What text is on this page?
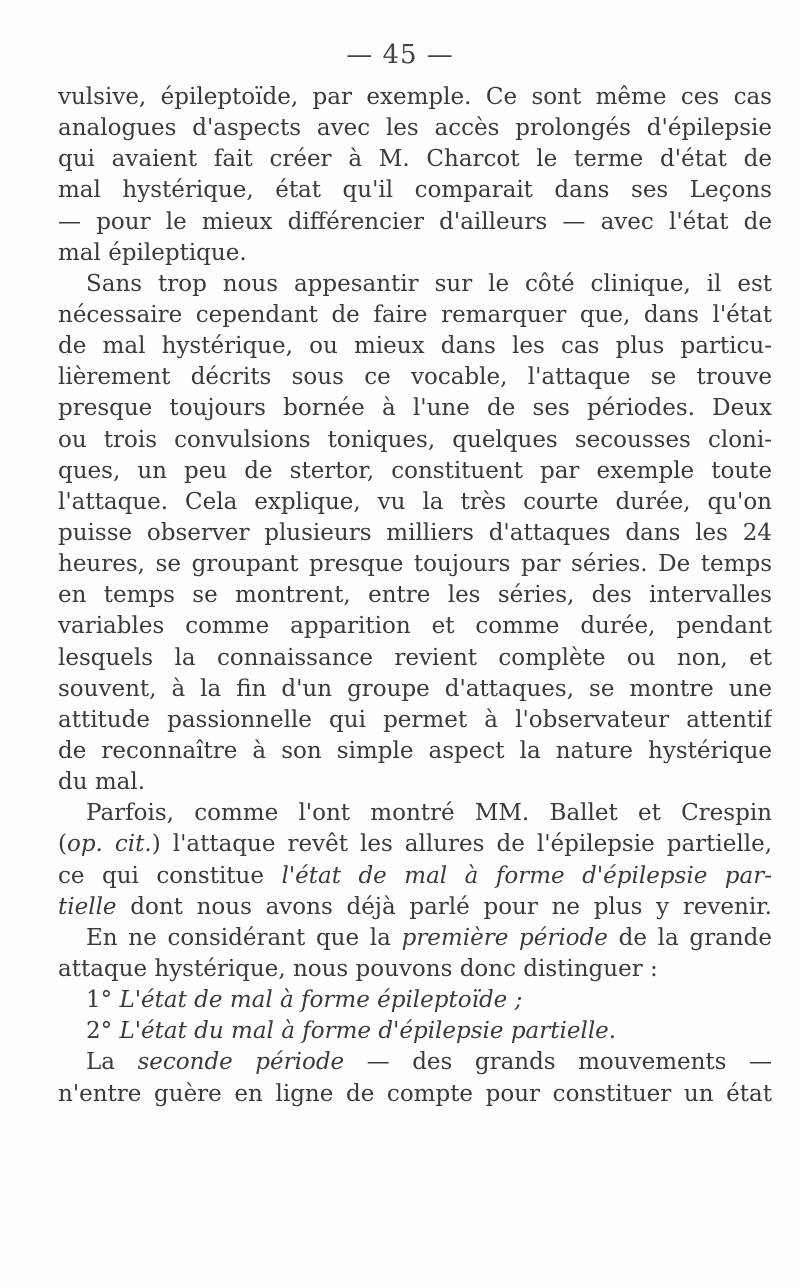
— 45 —
vulsive, épileptoïde, par exemple. Ce sont même ces cas
analogues d'aspects avec les accès prolongés d'épilepsie
qui avaient fait créer à M. Charcot le terme d'état de
mal hystérique, état qu'il comparait dans ses Leçons
— pour le mieux différencier d'ailleurs — avec l'état de
mal épileptique.
Sans trop nous appesantir sur le côté clinique, il est
nécessaire cependant de faire remarquer que, dans l'état
de mal hystérique, ou mieux dans les cas plus particu-
lièrement décrits sous ce vocable, l'attaque se trouve
presque toujours bornée à l'une de ses périodes. Deux
ou trois convulsions toniques, quelques secousses cloni-
ques, un peu de stertor, constituent par exemple toute
l'attaque. Cela explique, vu la très courte durée, qu'on
puisse observer plusieurs milliers d'attaques dans les 24
heures, se groupant presque toujours par séries. De temps
en temps se montrent, entre les séries, des intervalles
variables comme apparition et comme durée, pendant
lesquels la connaissance revient complète ou non, et
souvent, à la fin d'un groupe d'attaques, se montre une
attitude passionnelle qui permet à l'observateur attentif
de reconnaître à son simple aspect la nature hystérique
du mal.
Parfois, comme l'ont montré MM. Ballet et Crespin
(op. cit.) l'attaque revêt les allures de l'épilepsie partielle,
ce qui constitue l'état de mal à forme d'épilepsie par-
tielle dont nous avons déjà parlé pour ne plus y revenir.
En ne considérant que la première période de la grande
attaque hystérique, nous pouvons donc distinguer :
1° L'état de mal à forme épileptoïde ;
2° L'état du mal à forme d'épilepsie partielle.
La seconde période — des grands mouvements —
n'entre guère en ligne de compte pour constituer un état
